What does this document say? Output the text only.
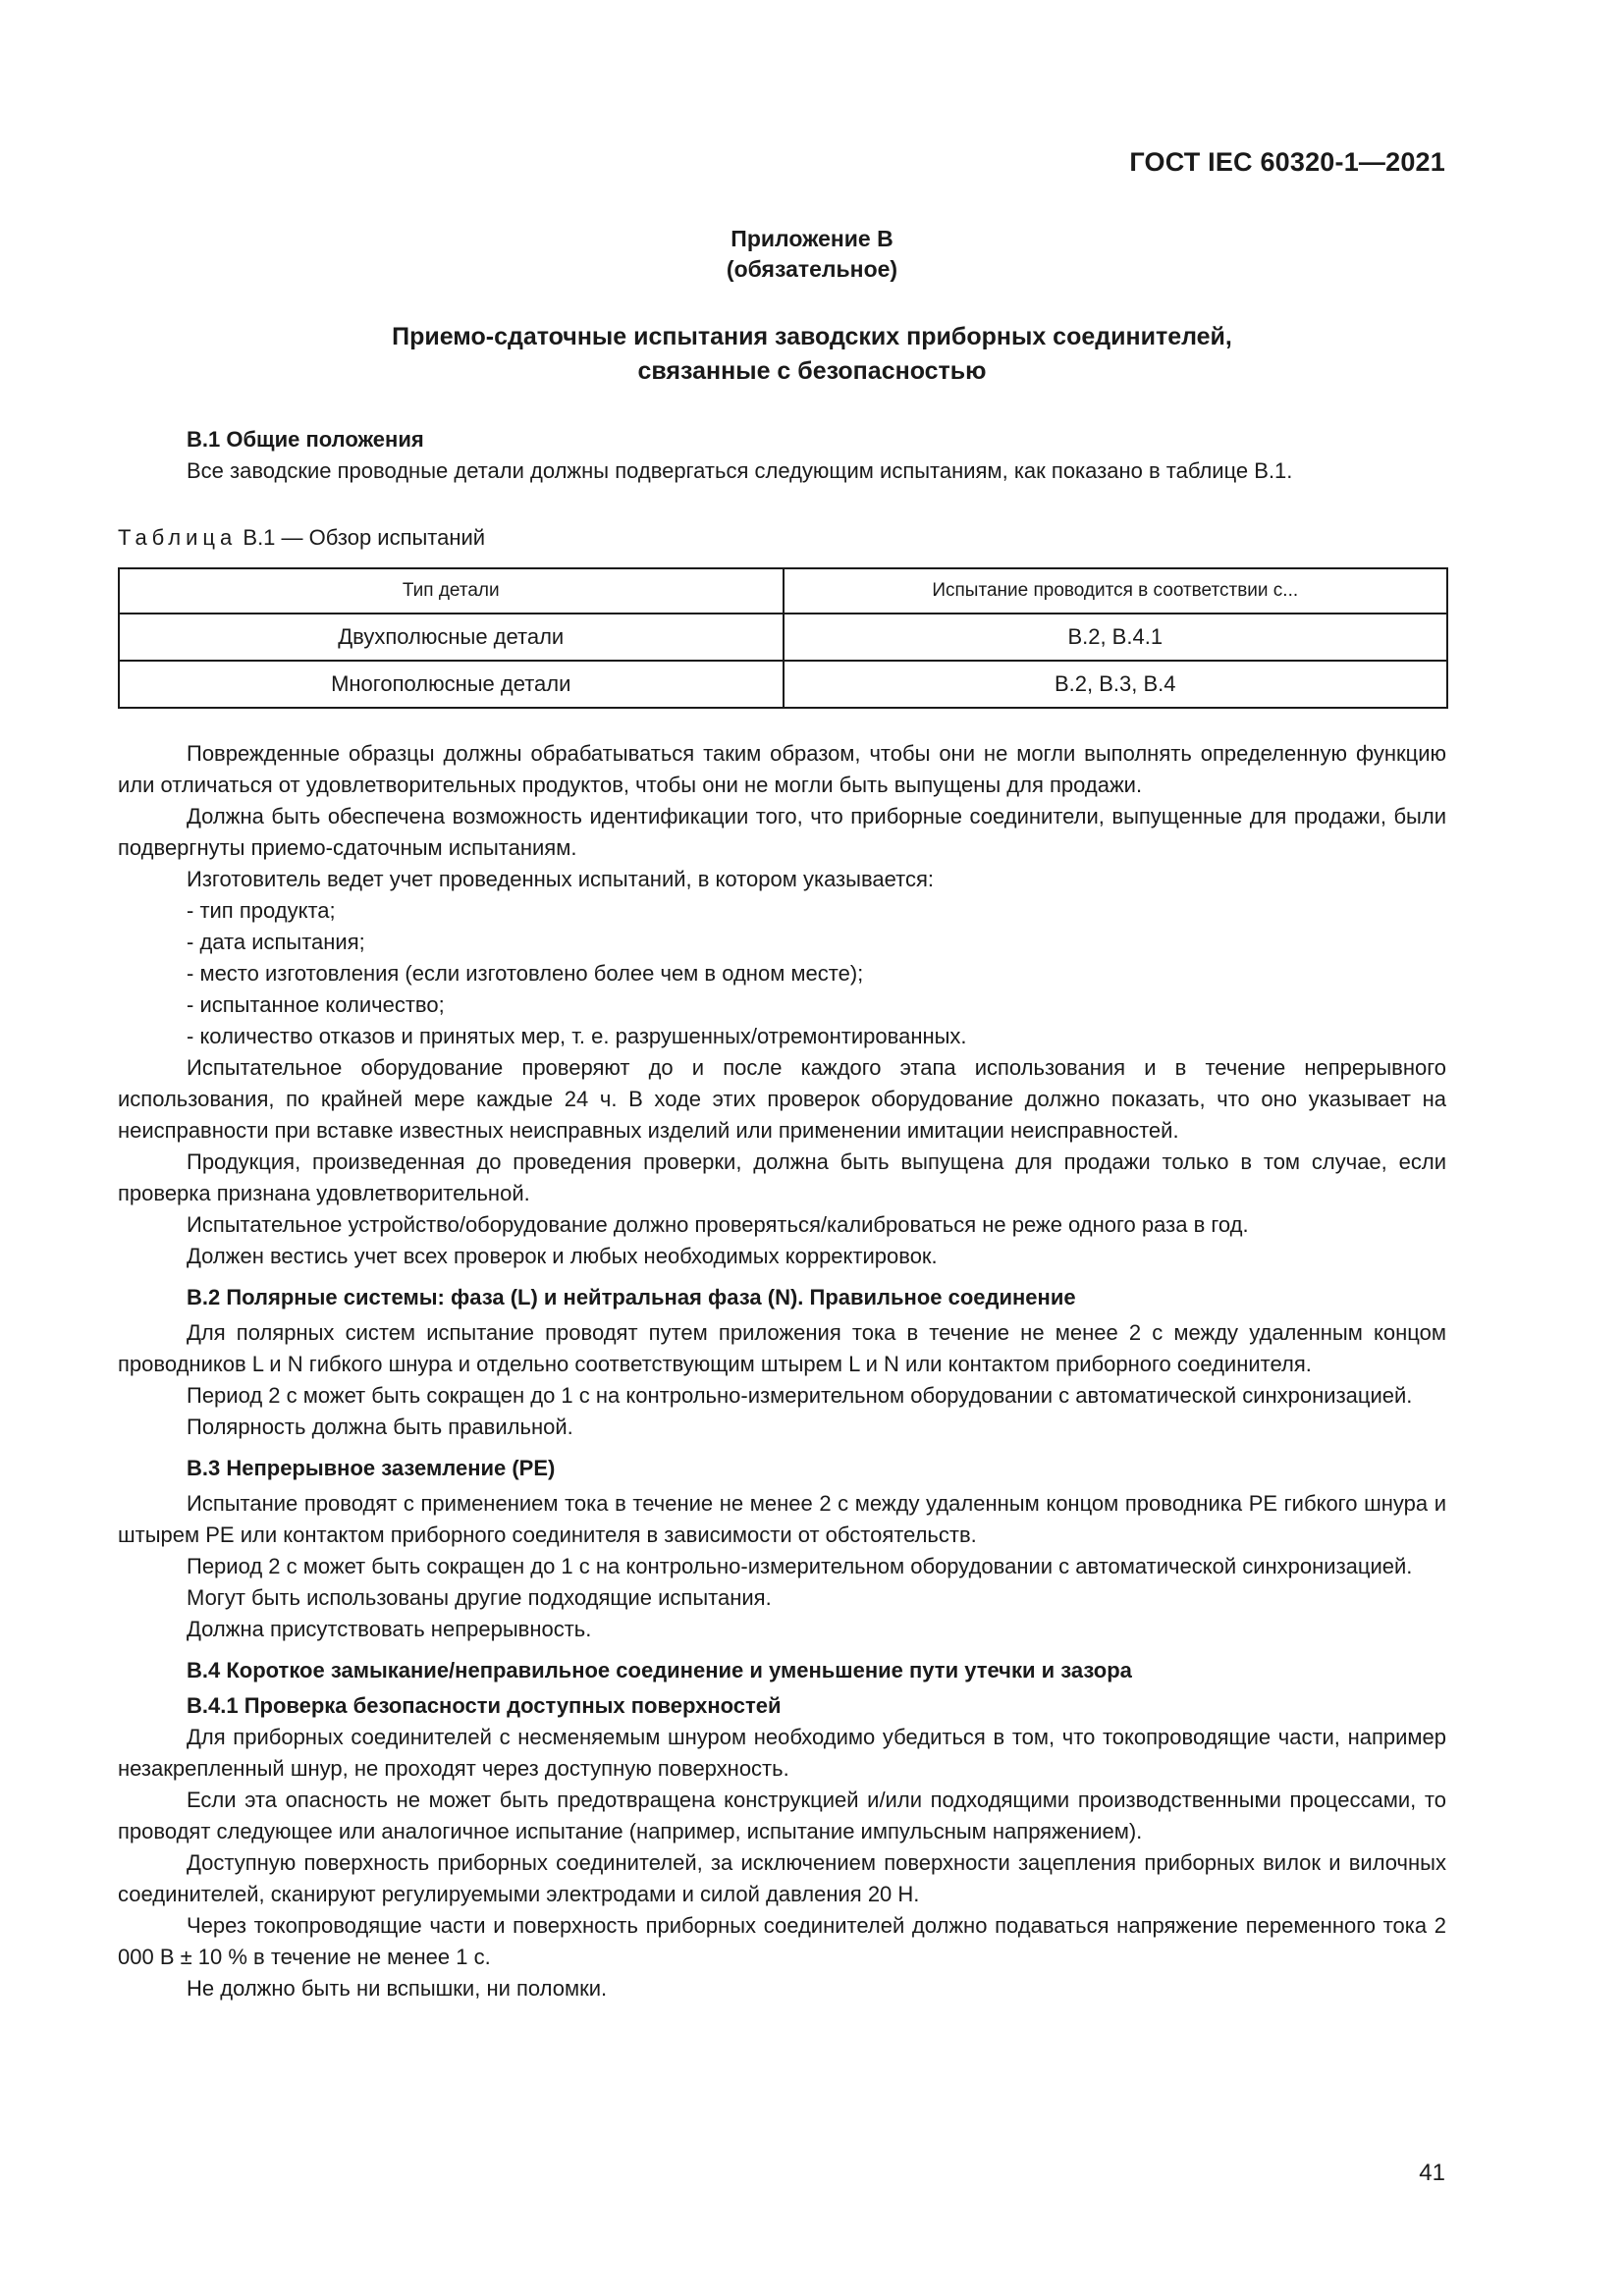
ГОСТ IEC 60320-1—2021
Приложение В
(обязательное)
Приемо-сдаточные испытания заводских приборных соединителей,
связанные с безопасностью

В.1 Общие положения

Все заводские проводные детали должны подвергаться следующим испытаниям, как показано в таблице В.1.

Таблица В.1 — Обзор испытаний
Тип детали	Испытание проводится в соответствии с...
Двухполюсные детали	В.2, В.4.1
Многополюсные детали	В.2, В.3, В.4

Поврежденные образцы должны обрабатываться таким образом, чтобы они не могли выполнять определенную функцию или отличаться от удовлетворительных продуктов, чтобы они не могли быть выпущены для продажи.

Должна быть обеспечена возможность идентификации того, что приборные соединители, выпущенные для продажи, были подвергнуты приемо-сдаточным испытаниям.

Изготовитель ведет учет проведенных испытаний, в котором указывается:

- тип продукта;

- дата испытания;

- место изготовления (если изготовлено более чем в одном месте);

- испытанное количество;

- количество отказов и принятых мер, т. е. разрушенных/отремонтированных.

Испытательное оборудование проверяют до и после каждого этапа использования и в течение непрерывного использования, по крайней мере каждые 24 ч. В ходе этих проверок оборудование должно показать, что оно указывает на неисправности при вставке известных неисправных изделий или применении имитации неисправностей.

Продукция, произведенная до проведения проверки, должна быть выпущена для продажи только в том случае, если проверка признана удовлетворительной.

Испытательное устройство/оборудование должно проверяться/калиброваться не реже одного раза в год.

Должен вестись учет всех проверок и любых необходимых корректировок.

В.2 Полярные системы: фаза (L) и нейтральная фаза (N). Правильное соединение

Для полярных систем испытание проводят путем приложения тока в течение не менее 2 с между удаленным концом проводников L и N гибкого шнура и отдельно соответствующим штырем L и N или контактом приборного соединителя.

Период 2 с может быть сокращен до 1 с на контрольно-измерительном оборудовании с автоматической синхронизацией.

Полярность должна быть правильной.

В.3 Непрерывное заземление (РЕ)

Испытание проводят с применением тока в течение не менее 2 с между удаленным концом проводника РЕ гибкого шнура и штырем РЕ или контактом приборного соединителя в зависимости от обстоятельств.

Период 2 с может быть сокращен до 1 с на контрольно-измерительном оборудовании с автоматической синхронизацией.

Могут быть использованы другие подходящие испытания.

Должна присутствовать непрерывность.

В.4 Короткое замыкание/неправильное соединение и уменьшение пути утечки и зазора

В.4.1 Проверка безопасности доступных поверхностей

Для приборных соединителей с несменяемым шнуром необходимо убедиться в том, что токопроводящие части, например незакрепленный шнур, не проходят через доступную поверхность.

Если эта опасность не может быть предотвращена конструкцией и/или подходящими производственными процессами, то проводят следующее или аналогичное испытание (например, испытание импульсным напряжением).

Доступную поверхность приборных соединителей, за исключением поверхности зацепления приборных вилок и вилочных соединителей, сканируют регулируемыми электродами и силой давления 20 Н.

Через токопроводящие части и поверхность приборных соединителей должно подаваться напряжение переменного тока 2 000 В ± 10 % в течение не менее 1 с.

Не должно быть ни вспышки, ни поломки.

41
